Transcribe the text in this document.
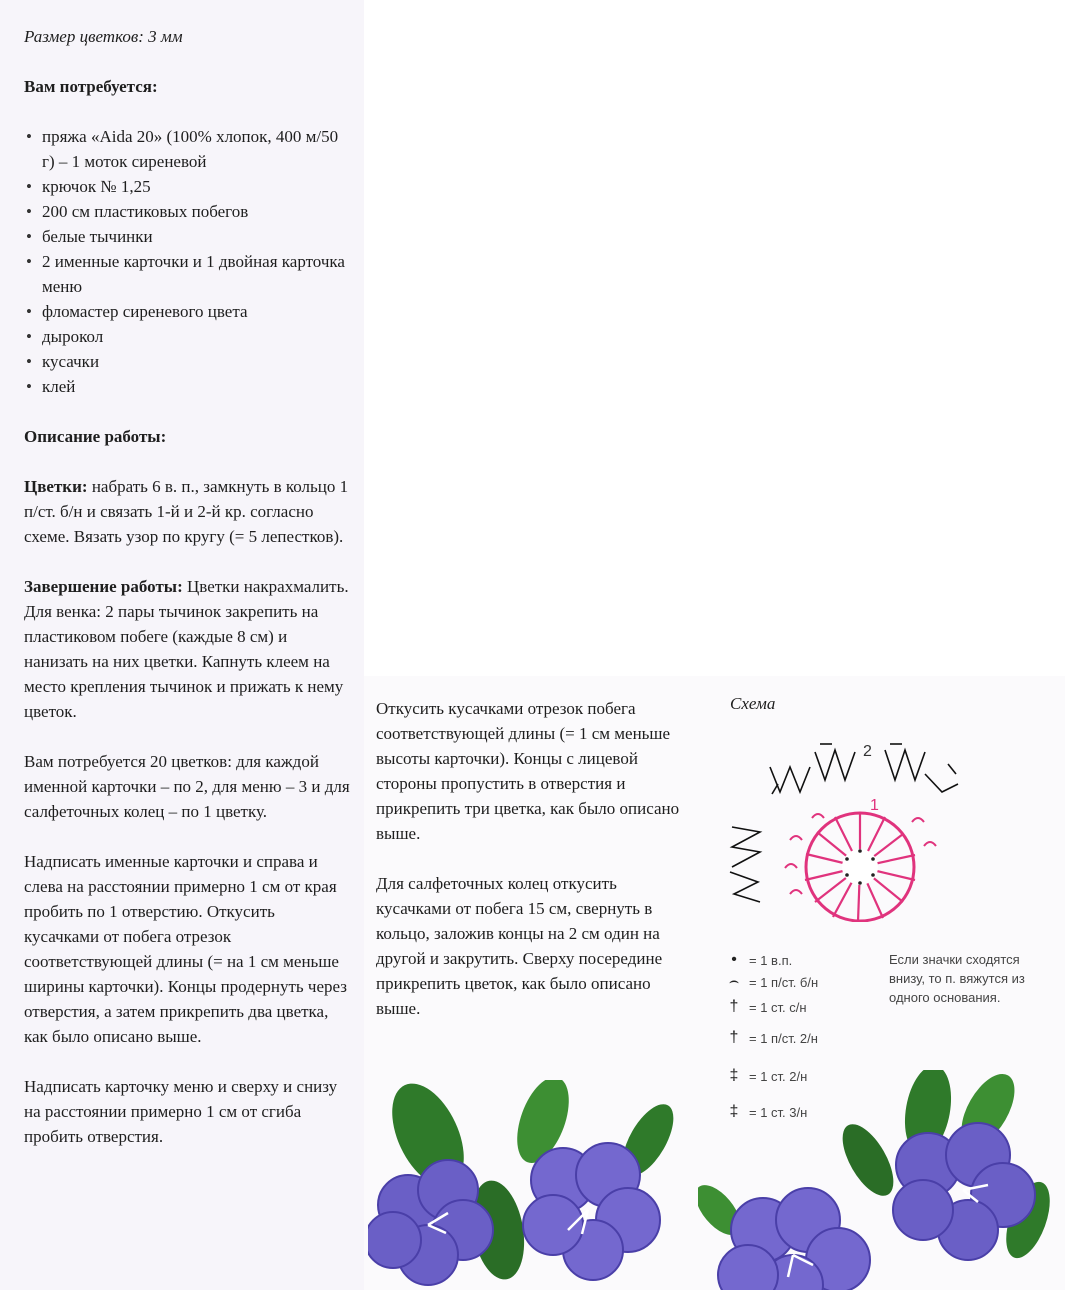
Размер цветков: 3 мм

Вам потребуется:

• пряжа «Aida 20» (100% хлопок, 400 м/50 г) – 1 моток сиреневой
• крючок № 1,25
• 200 см пластиковых побегов
• белые тычинки
• 2 именные карточки и 1 двойная карточка меню
• фломастер сиреневого цвета
• дырокол
• кусачки
• клей

Описание работы:

Цветки: набрать 6 в. п., замкнуть в кольцо 1 п/ст. б/н и связать 1-й и 2-й кр. согласно схеме. Вязать узор по кругу (= 5 лепестков).

Завершение работы: Цветки накрахмалить. Для венка: 2 пары тычинок закрепить на пластиковом побеге (каждые 8 см) и нанизать на них цветки. Капнуть клеем на место крепления тычинок и прижать к нему цветок.

Вам потребуется 20 цветков: для каждой именной карточки – по 2, для меню – 3 и для салфеточных колец – по 1 цветку.

Надписать именные карточки и справа и слева на расстоянии примерно 1 см от края пробить по 1 отверстию. Откусить кусачками от побега отрезок соответствующей длины (= на 1 см меньше ширины карточки). Концы продернуть через отверстия, а затем прикрепить два цветка, как было описано выше.

Надписать карточку меню и сверху и снизу на расстоянии примерно 1 см от сгиба пробить отверстия.

Откусить кусачками отрезок побега соответствующей длины (= 1 см меньше высоты карточки). Концы с лицевой стороны пропустить в отверстия и прикрепить три цветка, как было описано выше.

Для салфеточных колец откусить кусачками от побега 15 см, свернуть в кольцо, заложив концы на 2 см один на другой и закрутить. Сверху посередине прикрепить цветок, как было описано выше.

Схема
2
1
• = 1 в.п.
⌢ = 1 п/ст. б/н
† = 1 ст. с/н
† = 1 п/ст. 2/н
‡ = 1 ст. 2/н
‡ = 1 ст. 3/н
Если значки сходятся внизу, то п. вяжутся из одного основания.
